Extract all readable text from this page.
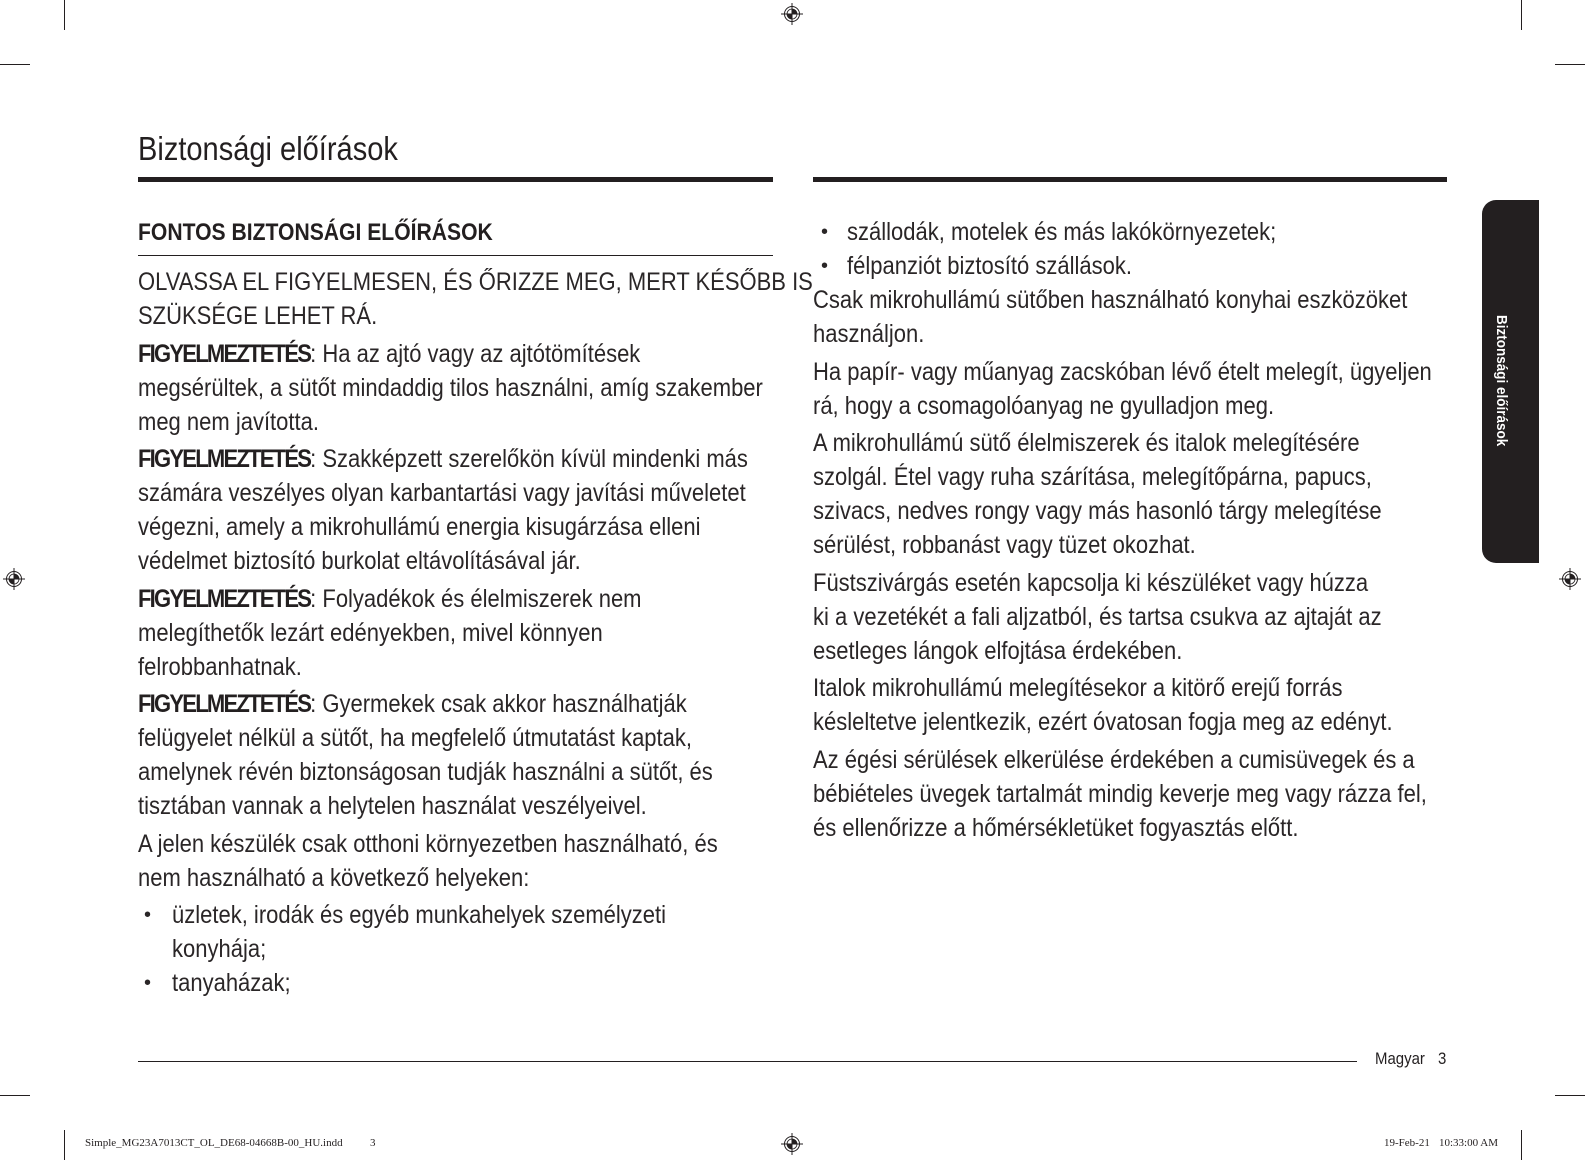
Biztonsági előírások
Biztonsági előírások
FONTOS BIZTONSÁGI ELŐÍRÁSOK
OLVASSA EL FIGYELMESEN, ÉS ŐRIZZE MEG, MERT KÉSŐBB IS
SZÜKSÉGE LEHET RÁ.
FIGYELMEZTETÉS: Ha az ajtó vagy az ajtótömítések
megsérültek, a sütőt mindaddig tilos használni, amíg szakember
meg nem javította.
FIGYELMEZTETÉS: Szakképzett szerelőkön kívül mindenki más
számára veszélyes olyan karbantartási vagy javítási műveletet
végezni, amely a mikrohullámú energia kisugárzása elleni
védelmet biztosító burkolat eltávolításával jár.
FIGYELMEZTETÉS: Folyadékok és élelmiszerek nem
melegíthetők lezárt edényekben, mivel könnyen
felrobbanhatnak.
FIGYELMEZTETÉS: Gyermekek csak akkor használhatják
felügyelet nélkül a sütőt, ha megfelelő útmutatást kaptak,
amelynek révén biztonságosan tudják használni a sütőt, és
tisztában vannak a helytelen használat veszélyeivel.
A jelen készülék csak otthoni környezetben használható, és
nem használható a következő helyeken:
• üzletek, irodák és egyéb munkahelyek személyzeti
konyhája;
• tanyaházak;
• szállodák, motelek és más lakókörnyezetek;
• félpanziót biztosító szállások.
Csak mikrohullámú sütőben használható konyhai eszközöket
használjon.
Ha papír- vagy műanyag zacskóban lévő ételt melegít, ügyeljen
rá, hogy a csomagolóanyag ne gyulladjon meg.
A mikrohullámú sütő élelmiszerek és italok melegítésére
szolgál. Étel vagy ruha szárítása, melegítőpárna, papucs,
szivacs, nedves rongy vagy más hasonló tárgy melegítése
sérülést, robbanást vagy tüzet okozhat.
Füstszivárgás esetén kapcsolja ki készüléket vagy húzza
ki a vezetékét a fali aljzatból, és tartsa csukva az ajtaját az
esetleges lángok elfojtása érdekében.
Italok mikrohullámú melegítésekor a kitörő erejű forrás
késleltetve jelentkezik, ezért óvatosan fogja meg az edényt.
Az égési sérülések elkerülése érdekében a cumisüvegek és a
bébiételes üvegek tartalmát mindig keverje meg vagy rázza fel,
és ellenőrizze a hőmérsékletüket fogyasztás előtt.
Magyar 3
Simple_MG23A7013CT_OL_DE68-04668B-00_HU.indd 3	19-Feb-21 10:33:00 AM
